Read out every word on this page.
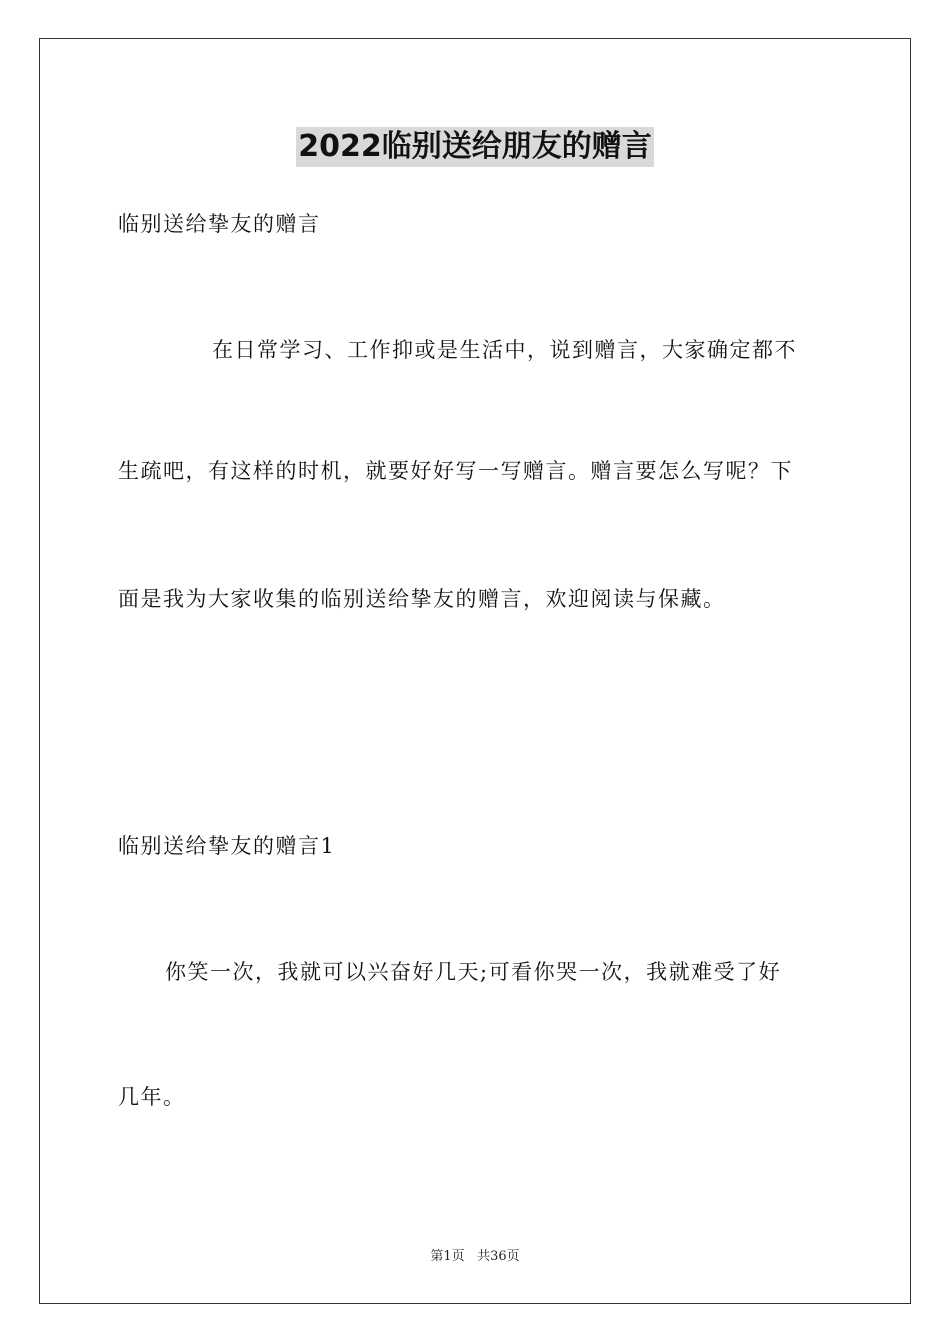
2022临别送给朋友的赠言
临别送给挚友的赠言
在日常学习、工作抑或是生活中，说到赠言，大家确定都不
生疏吧，有这样的时机，就要好好写一写赠言。赠言要怎么写呢？下
面是我为大家收集的临别送给挚友的赠言，欢迎阅读与保藏。
临别送给挚友的赠言1
你笑一次，我就可以兴奋好几天;可看你哭一次，我就难受了好
几年。
第1页 共36页
